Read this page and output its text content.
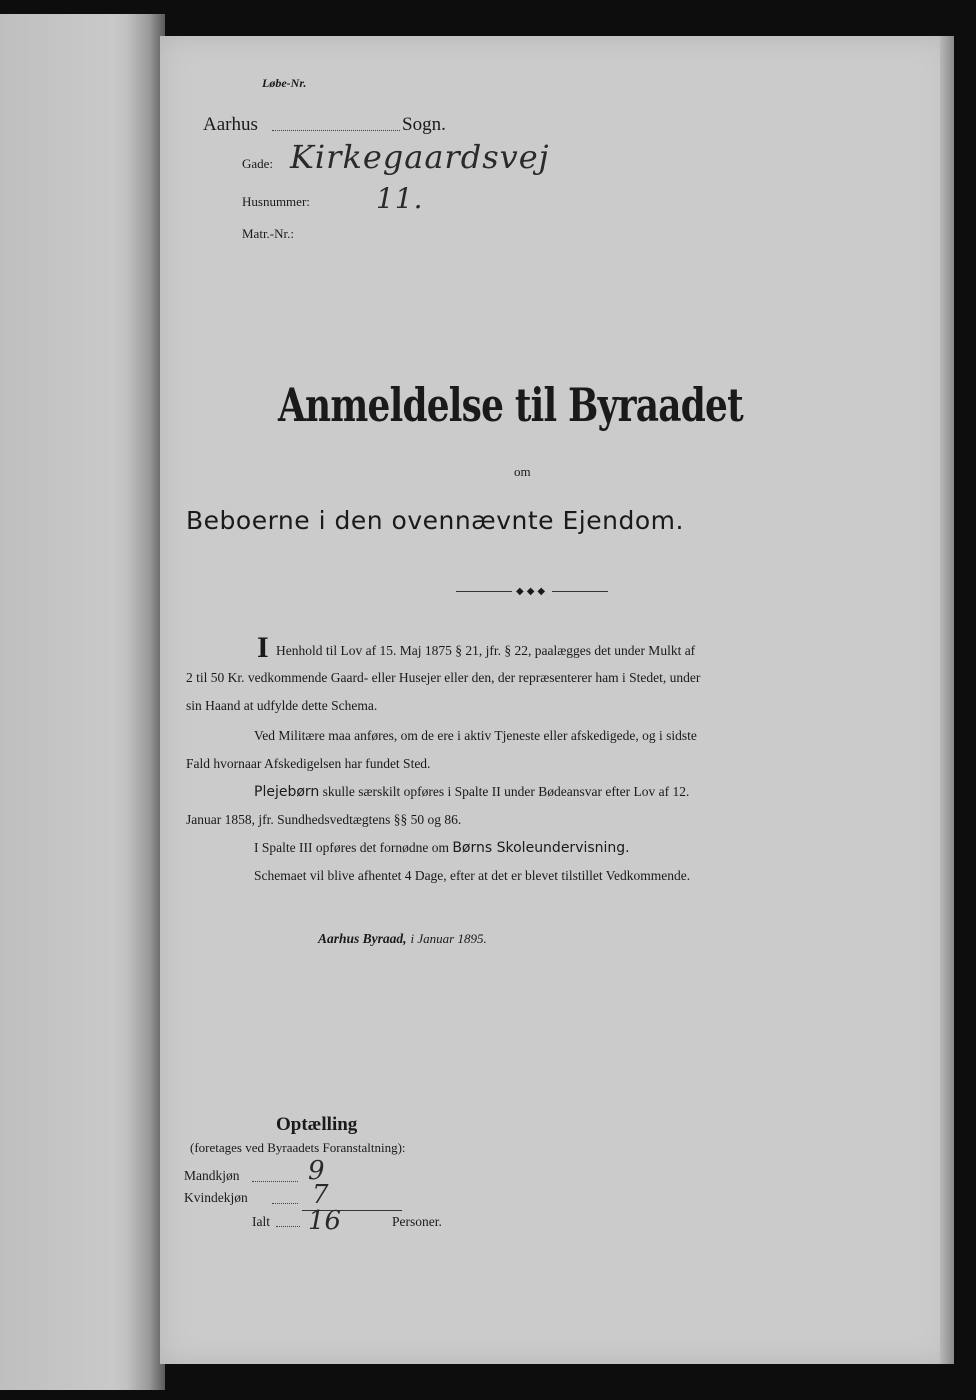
Løbe-Nr.
Aarhus	Sogn.
Gade: Kirkegaardsvej
Husnummer: 11.
Matr.-Nr.:
Anmeldelse til Byraadet
om
Beboerne i den ovennævnte Ejendom.
◆◆◆
I Henhold til Lov af 15. Maj 1875 § 21, jfr. § 22, paalægges det under Mulkt af
2 til 50 Kr. vedkommende Gaard- eller Husejer eller den, der repræsenterer ham i Stedet, under
sin Haand at udfylde dette Schema.
Ved Militære maa anføres, om de ere i aktiv Tjeneste eller afskedigede, og i sidste
Fald hvornaar Afskedigelsen har fundet Sted.
Plejebørn skulle særskilt opføres i Spalte II under Bødeansvar efter Lov af 12.
Januar 1858, jfr. Sundhedsvedtægtens §§ 50 og 86.
I Spalte III opføres det fornødne om Børns Skoleundervisning.
Schemaet vil blive afhentet 4 Dage, efter at det er blevet tilstillet Vedkommende.
Aarhus Byraad, i Januar 1895.
Optælling
(foretages ved Byraadets Foranstaltning):
Mandkjøn	9
Kvindekjøn 7
Ialt 16	Personer.
